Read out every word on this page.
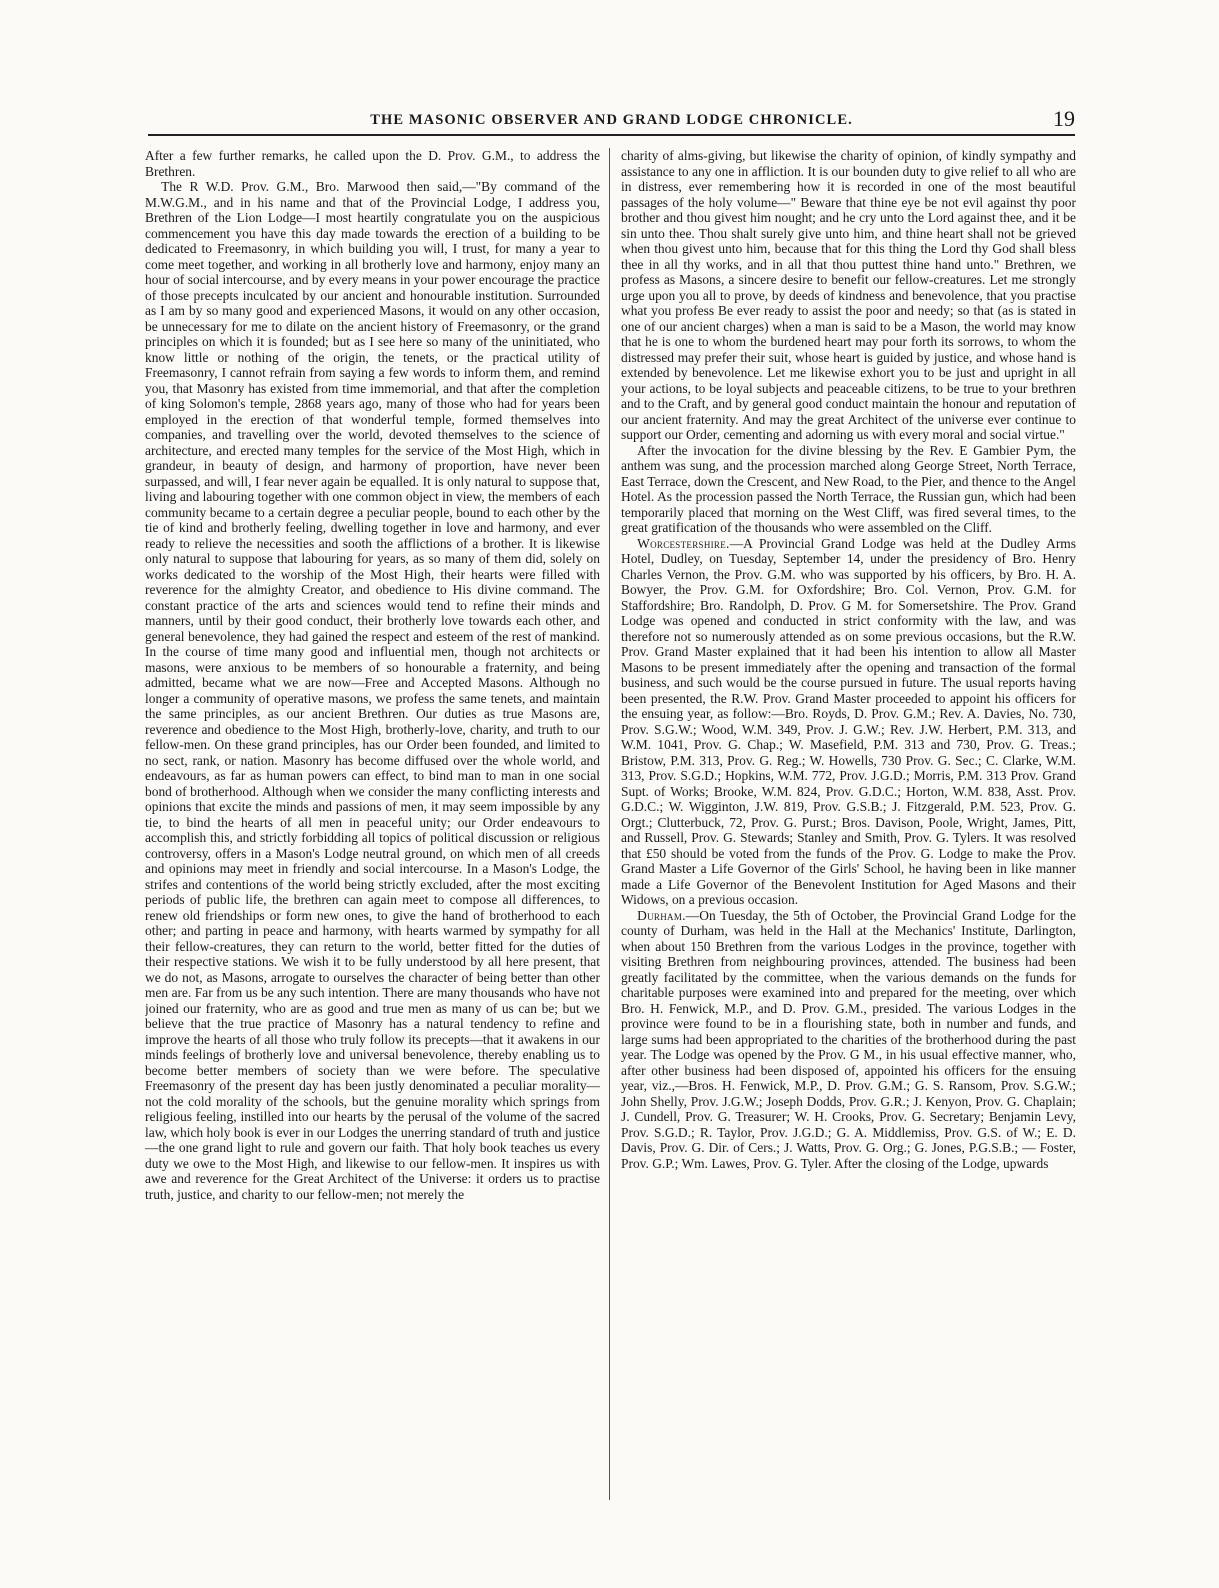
THE MASONIC OBSERVER AND GRAND LODGE CHRONICLE.	19

After a few further remarks, he called upon the D. Prov. G.M., to address the Brethren.

The R W.D. Prov. G.M., Bro. Marwood then said,—"By command of the M.W.G.M., and in his name and that of the Provincial Lodge, I address you, Brethren of the Lion Lodge—I most heartily congratulate you on the auspicious commencement you have this day made towards the erection of a building to be dedicated to Freemasonry, in which building you will, I trust, for many a year to come meet together, and working in all brotherly love and harmony, enjoy many an hour of social intercourse, and by every means in your power encourage the practice of those precepts inculcated by our ancient and honourable institution. Surrounded as I am by so many good and experienced Masons, it would on any other occasion, be unnecessary for me to dilate on the ancient history of Freemasonry, or the grand principles on which it is founded; but as I see here so many of the uninitiated, who know little or nothing of the origin, the tenets, or the practical utility of Freemasonry, I cannot refrain from saying a few words to inform them, and remind you, that Masonry has existed from time immemorial, and that after the completion of king Solomon's temple, 2868 years ago, many of those who had for years been employed in the erection of that wonderful temple, formed themselves into companies, and travelling over the world, devoted themselves to the science of architecture, and erected many temples for the service of the Most High, which in grandeur, in beauty of design, and harmony of proportion, have never been surpassed, and will, I fear never again be equalled. It is only natural to suppose that, living and labouring together with one common object in view, the members of each community became to a certain degree a peculiar people, bound to each other by the tie of kind and brotherly feeling, dwelling together in love and harmony, and ever ready to relieve the necessities and sooth the afflictions of a brother. It is likewise only natural to suppose that labouring for years, as so many of them did, solely on works dedicated to the worship of the Most High, their hearts were filled with reverence for the almighty Creator, and obedience to His divine command. The constant practice of the arts and sciences would tend to refine their minds and manners, until by their good conduct, their brotherly love towards each other, and general benevolence, they had gained the respect and esteem of the rest of mankind. In the course of time many good and influential men, though not architects or masons, were anxious to be members of so honourable a fraternity, and being admitted, became what we are now—Free and Accepted Masons. Although no longer a community of operative masons, we profess the same tenets, and maintain the same principles, as our ancient Brethren. Our duties as true Masons are, reverence and obedience to the Most High, brotherly-love, charity, and truth to our fellow-men. On these grand principles, has our Order been founded, and limited to no sect, rank, or nation. Masonry has become diffused over the whole world, and endeavours, as far as human powers can effect, to bind man to man in one social bond of brotherhood. Although when we consider the many conflicting interests and opinions that excite the minds and passions of men, it may seem impossible by any tie, to bind the hearts of all men in peaceful unity; our Order endeavours to accomplish this, and strictly forbidding all topics of political discussion or religious controversy, offers in a Mason's Lodge neutral ground, on which men of all creeds and opinions may meet in friendly and social intercourse. In a Mason's Lodge, the strifes and contentions of the world being strictly excluded, after the most exciting periods of public life, the brethren can again meet to compose all differences, to renew old friendships or form new ones, to give the hand of brotherhood to each other; and parting in peace and harmony, with hearts warmed by sympathy for all their fellow-creatures, they can return to the world, better fitted for the duties of their respective stations. We wish it to be fully understood by all here present, that we do not, as Masons, arrogate to ourselves the character of being better than other men are. Far from us be any such intention. There are many thousands who have not joined our fraternity, who are as good and true men as many of us can be; but we believe that the true practice of Masonry has a natural tendency to refine and improve the hearts of all those who truly follow its precepts—that it awakens in our minds feelings of brotherly love and universal benevolence, thereby enabling us to become better members of society than we were before. The speculative Freemasonry of the present day has been justly denominated a peculiar morality—not the cold morality of the schools, but the genuine morality which springs from religious feeling, instilled into our hearts by the perusal of the volume of the sacred law, which holy book is ever in our Lodges the unerring standard of truth and justice—the one grand light to rule and govern our faith. That holy book teaches us every duty we owe to the Most High, and likewise to our fellow-men. It inspires us with awe and reverence for the Great Architect of the Universe: it orders us to practise truth, justice, and charity to our fellow-men; not merely the

charity of alms-giving, but likewise the charity of opinion, of kindly sympathy and assistance to any one in affliction. It is our bounden duty to give relief to all who are in distress, ever remembering how it is recorded in one of the most beautiful passages of the holy volume—" Beware that thine eye be not evil against thy poor brother and thou givest him nought; and he cry unto the Lord against thee, and it be sin unto thee. Thou shalt surely give unto him, and thine heart shall not be grieved when thou givest unto him, because that for this thing the Lord thy God shall bless thee in all thy works, and in all that thou puttest thine hand unto." Brethren, we profess as Masons, a sincere desire to benefit our fellow-creatures. Let me strongly urge upon you all to prove, by deeds of kindness and benevolence, that you practise what you profess Be ever ready to assist the poor and needy; so that (as is stated in one of our ancient charges) when a man is said to be a Mason, the world may know that he is one to whom the burdened heart may pour forth its sorrows, to whom the distressed may prefer their suit, whose heart is guided by justice, and whose hand is extended by benevolence. Let me likewise exhort you to be just and upright in all your actions, to be loyal subjects and peaceable citizens, to be true to your brethren and to the Craft, and by general good conduct maintain the honour and reputation of our ancient fraternity. And may the great Architect of the universe ever continue to support our Order, cementing and adorning us with every moral and social virtue."

After the invocation for the divine blessing by the Rev. E Gambier Pym, the anthem was sung, and the procession marched along George Street, North Terrace, East Terrace, down the Crescent, and New Road, to the Pier, and thence to the Angel Hotel. As the procession passed the North Terrace, the Russian gun, which had been temporarily placed that morning on the West Cliff, was fired several times, to the great gratification of the thousands who were assembled on the Cliff.

Worcestershire.—A Provincial Grand Lodge was held at the Dudley Arms Hotel, Dudley, on Tuesday, September 14, under the presidency of Bro. Henry Charles Vernon, the Prov. G.M. who was supported by his officers, by Bro. H. A. Bowyer, the Prov. G.M. for Oxfordshire; Bro. Col. Vernon, Prov. G.M. for Staffordshire; Bro. Randolph, D. Prov. G M. for Somersetshire. The Prov. Grand Lodge was opened and conducted in strict conformity with the law, and was therefore not so numerously attended as on some previous occasions, but the R.W. Prov. Grand Master explained that it had been his intention to allow all Master Masons to be present immediately after the opening and transaction of the formal business, and such would be the course pursued in future. The usual reports having been presented, the R.W. Prov. Grand Master proceeded to appoint his officers for the ensuing year, as follow:—Bro. Royds, D. Prov. G.M.; Rev. A. Davies, No. 730, Prov. S.G.W.; Wood, W.M. 349, Prov. J. G.W.; Rev. J.W. Herbert, P.M. 313, and W.M. 1041, Prov. G. Chap.; W. Masefield, P.M. 313 and 730, Prov. G. Treas.; Bristow, P.M. 313, Prov. G. Reg.; W. Howells, 730 Prov. G. Sec.; C. Clarke, W.M. 313, Prov. S.G.D.; Hopkins, W.M. 772, Prov. J.G.D.; Morris, P.M. 313 Prov. Grand Supt. of Works; Brooke, W.M. 824, Prov. G.D.C.; Horton, W.M. 838, Asst. Prov. G.D.C.; W. Wigginton, J.W. 819, Prov. G.S.B.; J. Fitzgerald, P.M. 523, Prov. G. Orgt.; Clutterbuck, 72, Prov. G. Purst.; Bros. Davison, Poole, Wright, James, Pitt, and Russell, Prov. G. Stewards; Stanley and Smith, Prov. G. Tylers. It was resolved that £50 should be voted from the funds of the Prov. G. Lodge to make the Prov. Grand Master a Life Governor of the Girls' School, he having been in like manner made a Life Governor of the Benevolent Institution for Aged Masons and their Widows, on a previous occasion.

Durham.—On Tuesday, the 5th of October, the Provincial Grand Lodge for the county of Durham, was held in the Hall at the Mechanics' Institute, Darlington, when about 150 Brethren from the various Lodges in the province, together with visiting Brethren from neighbouring provinces, attended. The business had been greatly facilitated by the committee, when the various demands on the funds for charitable purposes were examined into and prepared for the meeting, over which Bro. H. Fenwick, M.P., and D. Prov. G.M., presided. The various Lodges in the province were found to be in a flourishing state, both in number and funds, and large sums had been appropriated to the charities of the brotherhood during the past year. The Lodge was opened by the Prov. G M., in his usual effective manner, who, after other business had been disposed of, appointed his officers for the ensuing year, viz.,—Bros. H. Fenwick, M.P., D. Prov. G.M.; G. S. Ransom, Prov. S.G.W.; John Shelly, Prov. J.G.W.; Joseph Dodds, Prov. G.R.; J. Kenyon, Prov. G. Chaplain; J. Cundell, Prov. G. Treasurer; W. H. Crooks, Prov. G. Secretary; Benjamin Levy, Prov. S.G.D.; R. Taylor, Prov. J.G.D.; G. A. Middlemiss, Prov. G.S. of W.; E. D. Davis, Prov. G. Dir. of Cers.; J. Watts, Prov. G. Org.; G. Jones, P.G.S.B.; — Foster, Prov. G.P.; Wm. Lawes, Prov. G. Tyler. After the closing of the Lodge, upwards
